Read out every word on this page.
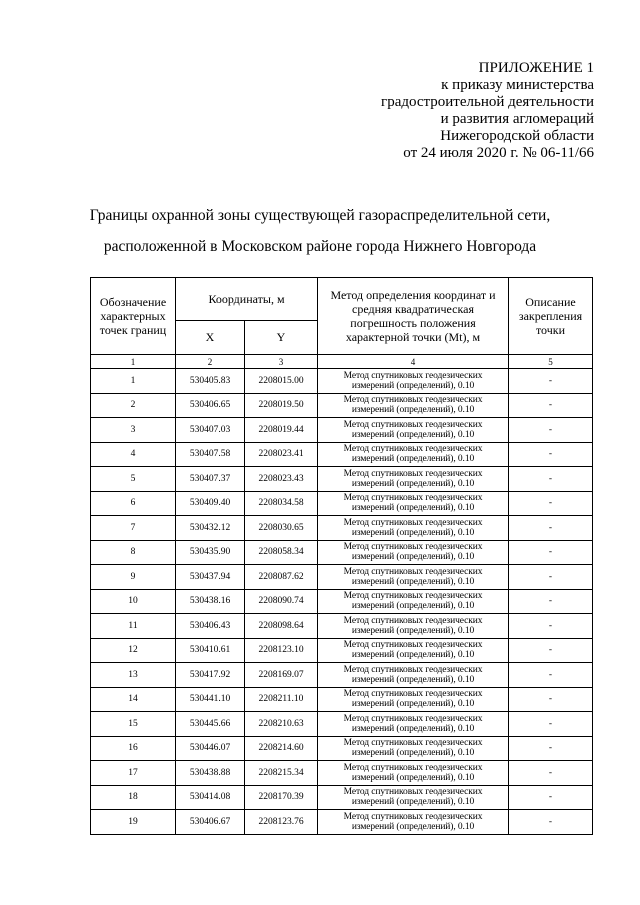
ПРИЛОЖЕНИЕ 1
к приказу министерства
градостроительной деятельности
и развития агломераций
Нижегородской области
от 24 июля 2020 г. № 06-11/66
Границы охранной зоны существующей газораспределительной сети,
расположенной в Московском районе города Нижнего Новгорода
Обозначение характерных точек границ	Координаты, м		Метод определения координат и средняя квадратическая погрешность положения характерной точки (Mt), м	Описание закрепления точки
	X	Y		
1	2	3	4	5
1	530405.83	2208015.00	Метод спутниковых геодезических
измерений (определений), 0.10	-
2	530406.65	2208019.50	Метод спутниковых геодезических
измерений (определений), 0.10	-
3	530407.03	2208019.44	Метод спутниковых геодезических
измерений (определений), 0.10	-
4	530407.58	2208023.41	Метод спутниковых геодезических
измерений (определений), 0.10	-
5	530407.37	2208023.43	Метод спутниковых геодезических
измерений (определений), 0.10	-
6	530409.40	2208034.58	Метод спутниковых геодезических
измерений (определений), 0.10	-
7	530432.12	2208030.65	Метод спутниковых геодезических
измерений (определений), 0.10	-
8	530435.90	2208058.34	Метод спутниковых геодезических
измерений (определений), 0.10	-
9	530437.94	2208087.62	Метод спутниковых геодезических
измерений (определений), 0.10	-
10	530438.16	2208090.74	Метод спутниковых геодезических
измерений (определений), 0.10	-
11	530406.43	2208098.64	Метод спутниковых геодезических
измерений (определений), 0.10	-
12	530410.61	2208123.10	Метод спутниковых геодезических
измерений (определений), 0.10	-
13	530417.92	2208169.07	Метод спутниковых геодезических
измерений (определений), 0.10	-
14	530441.10	2208211.10	Метод спутниковых геодезических
измерений (определений), 0.10	-
15	530445.66	2208210.63	Метод спутниковых геодезических
измерений (определений), 0.10	-
16	530446.07	2208214.60	Метод спутниковых геодезических
измерений (определений), 0.10	-
17	530438.88	2208215.34	Метод спутниковых геодезических
измерений (определений), 0.10	-
18	530414.08	2208170.39	Метод спутниковых геодезических
измерений (определений), 0.10	-
19	530406.67	2208123.76	Метод спутниковых геодезических
измерений (определений), 0.10	-
